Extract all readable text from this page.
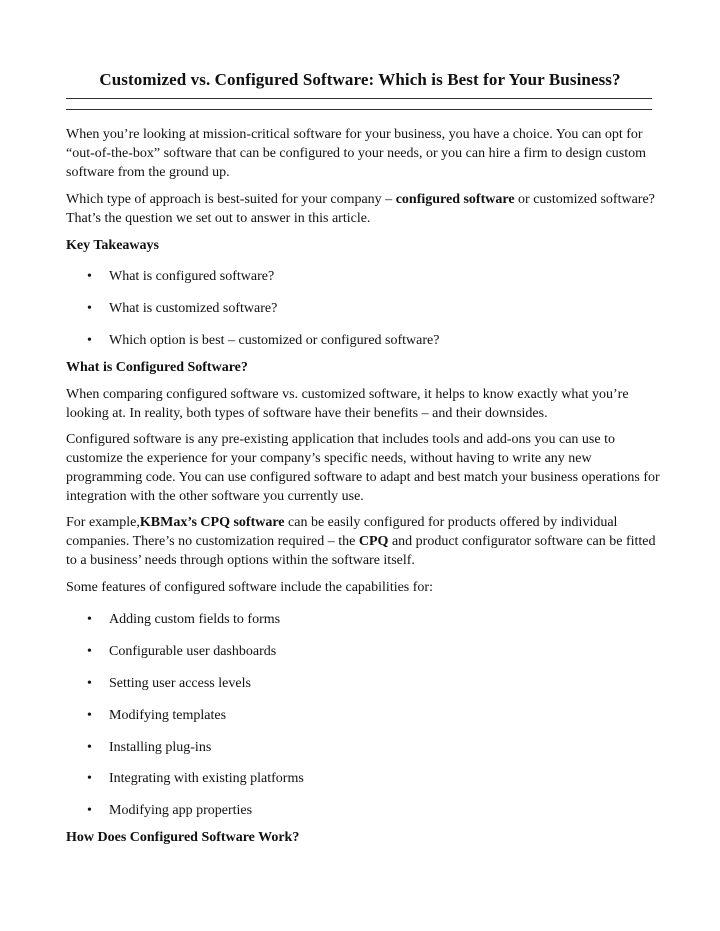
Customized vs. Configured Software: Which is Best for Your Business?
When you’re looking at mission-critical software for your business, you have a choice. You can opt for “out-of-the-box” software that can be configured to your needs, or you can hire a firm to design custom software from the ground up.
Which type of approach is best-suited for your company – configured software or customized software? That’s the question we set out to answer in this article.
Key Takeaways
• What is configured software?
• What is customized software?
• Which option is best – customized or configured software?
What is Configured Software?
When comparing configured software vs. customized software, it helps to know exactly what you’re looking at. In reality, both types of software have their benefits – and their downsides.
Configured software is any pre-existing application that includes tools and add-ons you can use to customize the experience for your company’s specific needs, without having to write any new programming code. You can use configured software to adapt and best match your business operations for integration with the other software you currently use.
For example,KBMax’s CPQ software can be easily configured for products offered by individual companies. There’s no customization required – the CPQ and product configurator software can be fitted to a business’ needs through options within the software itself.
Some features of configured software include the capabilities for:
• Adding custom fields to forms
• Configurable user dashboards
• Setting user access levels
• Modifying templates
• Installing plug-ins
• Integrating with existing platforms
• Modifying app properties
How Does Configured Software Work?
